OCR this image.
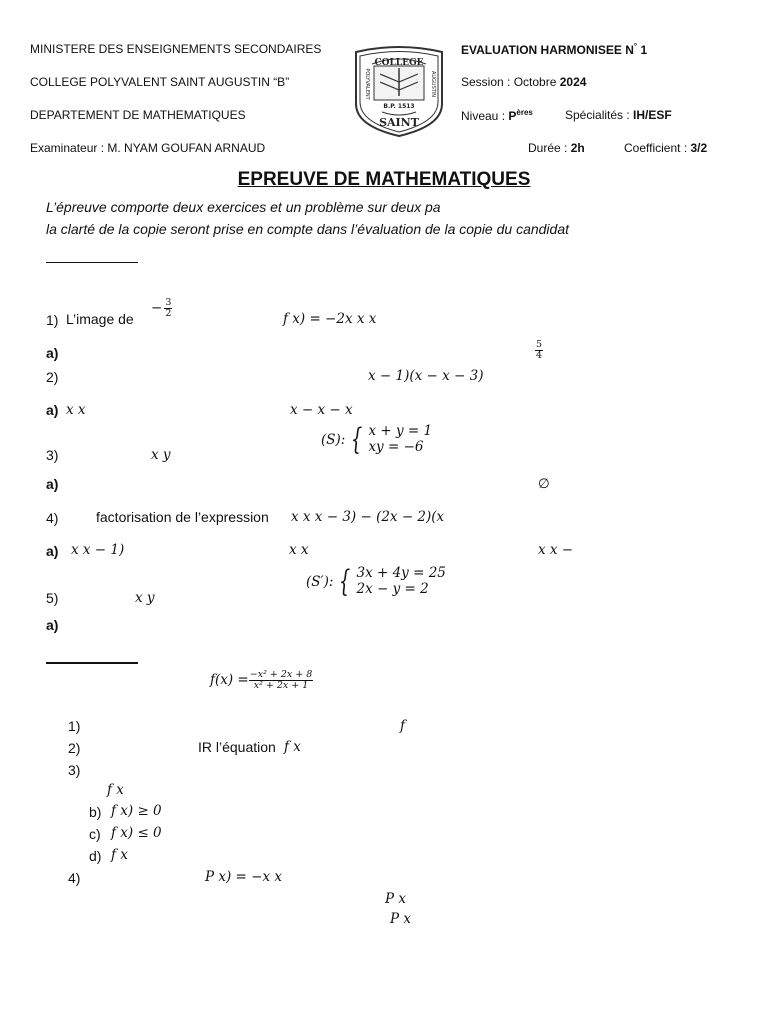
MINISTERE DES ENSEIGNEMENTS SECONDAIRES
COLLEGE POLYVALENT SAINT AUGUSTIN “B”
DEPARTEMENT DE MATHEMATIQUES
Examinateur : M. NYAM GOUFAN ARNAUD
EVALUATION HARMONISEE N° 1
Session : Octobre 2024
Niveau : $P^{ères}$	Spécialités : IH/ESF
Durée : 2h	Coefficient : 3/2
COLLEGE
POLYVALENT	AUGUSTIN
B.P. 1513
SAINT
EPREUVE DE MATHEMATIQUES
L’épreuve comporte deux exercices et un problème sur deux pa
la clarté de la copie seront prise en compte dans l’évaluation de la copie du candidat
1) L’image de
− $\frac{3}{2}$
𝑓 𝑥) = −2𝑥 𝑥 𝑥
a)	$\frac{5}{4}$
2)	𝑥 − 1)(𝑥 − 𝑥 − 3)
a) 𝑥 𝑥	𝑥 − 𝑥 − 𝑥
3)	𝑥 𝑦
(𝑆): { 𝑥 + 𝑦 = 1
𝑥𝑦 = −6
a)	∅
4)	factorisation de l’expression 𝑥 𝑥 𝑥 − 3) − (2𝑥 − 2)(𝑥
a) 𝑥 𝑥 − 1)	𝑥 𝑥	𝑥 𝑥 −
5)	𝑥 𝑦
(𝑆′): { 3𝑥 + 4𝑦 = 25
2𝑥 − 𝑦 = 2
a)
𝑓(𝑥) = $\frac{\text{−𝑥² + 2𝑥 + 8}}{\text{𝑥² + 2𝑥 + 1}}$
1)	𝑓
2)	IR l’équation 𝑓 𝑥
3)
𝑓 𝑥
b) 𝑓 𝑥) ≥ 0
c) 𝑓 𝑥) ≤ 0
d) 𝑓 𝑥
4)	𝑃 𝑥) = −𝑥 𝑥
𝑃 𝑥
𝑃 𝑥
